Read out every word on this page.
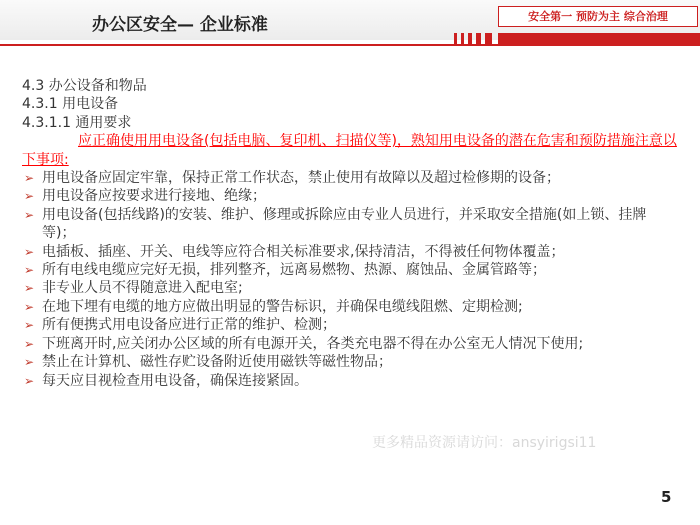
办公区安全— 企业标准	安全第一 预防为主 综合治理

4.3 办公设备和物品

4.3.1 用电设备

4.3.1.1 通用要求

应正确使用用电设备(包括电脑、复印机、扫描仪等)，熟知用电设备的潜在危害和预防措施注意以下事项:

➢ 用电设备应固定牢靠，保持正常工作状态，禁止使用有故障以及超过检修期的设备；
➢ 用电设备应按要求进行接地、绝缘；
➢ 用电设备(包括线路)的安装、维护、修理或拆除应由专业人员进行，并采取安全措施(如上锁、挂牌等)；
➢ 电插板、插座、开关、电线等应符合相关标准要求,保持清洁，不得被任何物体覆盖；
➢ 所有电线电缆应完好无损，排列整齐，远离易燃物、热源、腐蚀品、金属管路等；
➢ 非专业人员不得随意进入配电室;
➢ 在地下埋有电缆的地方应做出明显的警告标识，并确保电缆线阻燃、定期检测;
➢ 所有便携式用电设备应进行正常的维护、检测；
➢ 下班离开时,应关闭办公区域的所有电源开关，各类充电器不得在办公室无人情况下使用;
➢ 禁止在计算机、磁性存贮设备附近使用磁铁等磁性物品；
➢ 每天应目视检查用电设备，确保连接紧固。
更多精品资源请访问：ansyirigsi11
5
